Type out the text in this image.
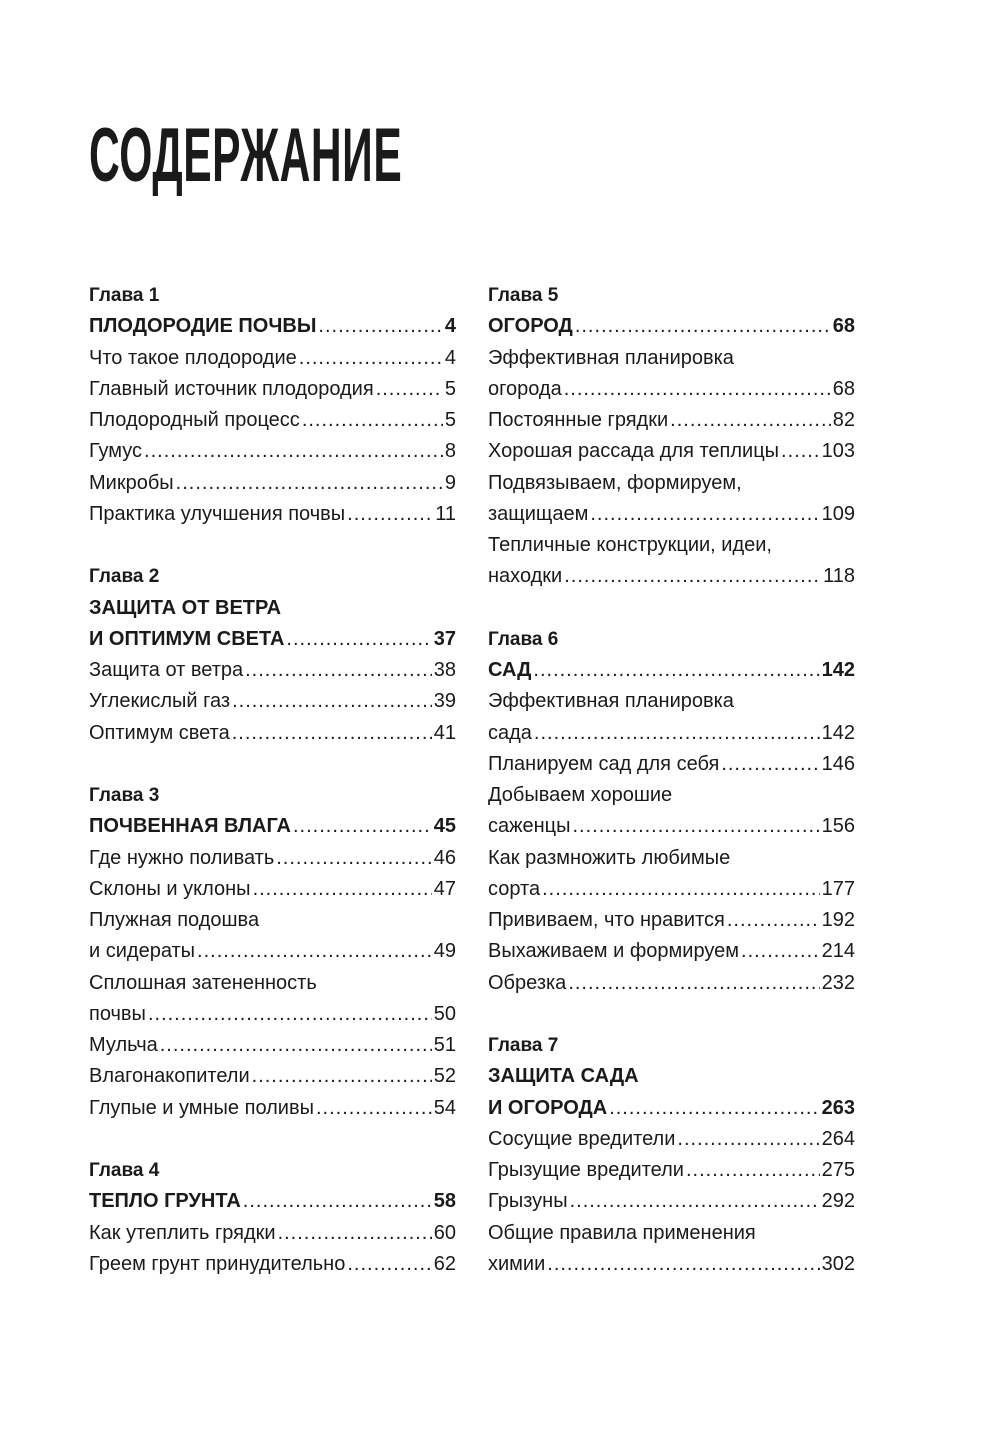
СОДЕРЖАНИЕ
Глава 1
ПЛОДОРОДИЕ ПОЧВЫ .....	4
Что такое плодородие .....	4
Главный источник плодородия .....	5
Плодородный процесс .....	5
Гумус .....	8
Микробы .....	9
Практика улучшения почвы .....	11
Глава 2
ЗАЩИТА ОТ ВЕТРА
И ОПТИМУМ СВЕТА .....	37
Защита от ветра .....	38
Углекислый газ .....	39
Оптимум света .....	41
Глава 3
ПОЧВЕННАЯ ВЛАГА .....	45
Где нужно поливать .....	46
Склоны и уклоны .....	47
Плужная подошва
и сидераты .....	49
Сплошная затененность
почвы .....	50
Мульча .....	51
Влагонакопители .....	52
Глупые и умные поливы .....	54
Глава 4
ТЕПЛО ГРУНТА .....	58
Как утеплить грядки .....	60
Греем грунт принудительно .....	62
Глава 5
ОГОРОД .....	68
Эффективная планировка
огорода .....	68
Постоянные грядки .....	82
Хорошая рассада для теплицы ..... 103
Подвязываем, формируем,
защищаем .....	109
Тепличные конструкции, идеи,
находки .....	118
Глава 6
САД .....	142
Эффективная планировка
сада .....	142
Планируем сад для себя .....	146
Добываем хорошие
саженцы .....	156
Как размножить любимые
сорта .....	177
Прививаем, что нравится .....	192
Выхаживаем и формируем .....	214
Обрезка .....	232
Глава 7
ЗАЩИТА САДА
И ОГОРОДА .....	263
Сосущие вредители .....	264
Грызущие вредители .....	275
Грызуны .....	292
Общие правила применения
химии .....	302
